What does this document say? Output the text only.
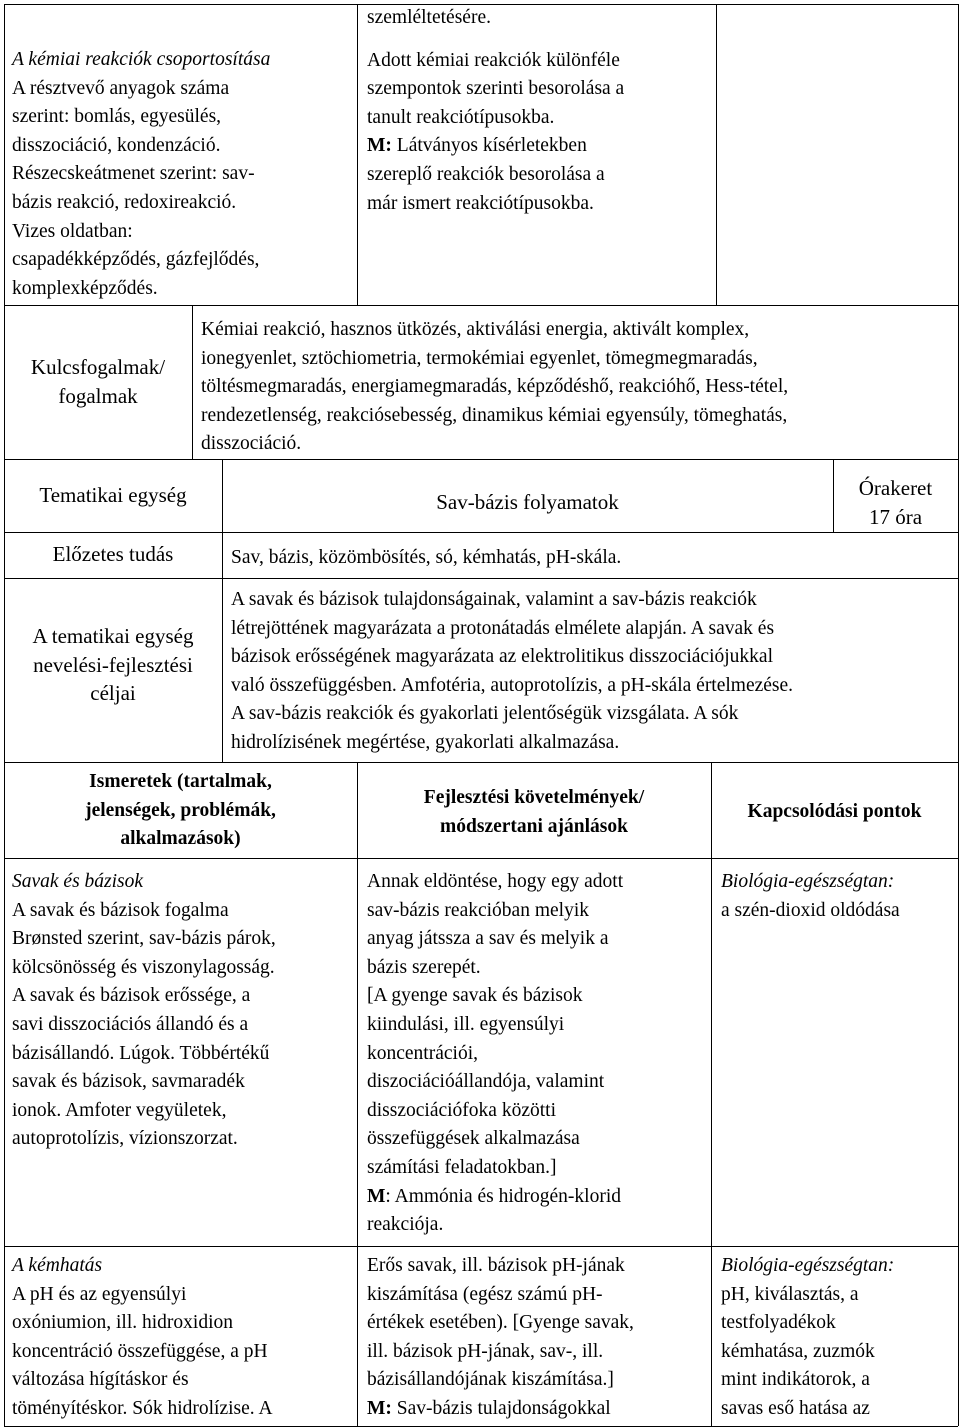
A kémiai reakciók csoportosítása

A résztvevő anyagok száma

szerint: bomlás, egyesülés,

disszociáció, kondenzáció.

Részecskeátmenet szerint: sav-

bázis reakció, redoxireakció.

Vizes oldatban:

csapadékképződés, gázfejlődés,

komplexképződés.

szemléltetésére.

Adott kémiai reakciók különféle

szempontok szerinti besorolása a

tanult reakciótípusokba.

M: Látványos kísérletekben

szereplő reakciók besorolása a

már ismert reakciótípusokba.

Kulcsfogalmak/

fogalmak

Kémiai reakció, hasznos ütközés, aktiválási energia, aktivált komplex,

ionegyenlet, sztöchiometria, termokémiai egyenlet, tömegmegmaradás,

töltésmegmaradás, energiamegmaradás, képződéshő, reakcióhő, Hess-tétel,

rendezetlenség, reakciósebesség, dinamikus kémiai egyensúly, tömeghatás,

disszociáció.

Tematikai egység	Sav-bázis folyamatok

Órakeret

17 óra

Előzetes tudás	Sav, bázis, közömbösítés, só, kémhatás, pH-skála.

A tematikai egység

nevelési-fejlesztési

céljai

A savak és bázisok tulajdonságainak, valamint a sav-bázis reakciók

létrejöttének magyarázata a protonátadás elmélete alapján. A savak és

bázisok erősségének magyarázata az elektrolitikus disszociációjukkal

való összefüggésben. Amfotéria, autoprotolízis, a pH-skála értelmezése.

A sav-bázis reakciók és gyakorlati jelentőségük vizsgálata. A sók

hidrolízisének megértése, gyakorlati alkalmazása.

Ismeretek (tartalmak,

jelenségek, problémák,

alkalmazások)

Fejlesztési követelmények/

módszertani ajánlások

Kapcsolódási pontok

Savak és bázisok

A savak és bázisok fogalma

Brønsted szerint, sav-bázis párok,

kölcsönösség és viszonylagosság.

A savak és bázisok erőssége, a

savi disszociációs állandó és a

bázisállandó. Lúgok. Többértékű

savak és bázisok, savmaradék

ionok. Amfoter vegyületek,

autoprotolízis, vízionszorzat.

Annak eldöntése, hogy egy adott

sav-bázis reakcióban melyik

anyag játssza a sav és melyik a

bázis szerepét.

[A gyenge savak és bázisok

kiindulási, ill. egyensúlyi

koncentrációi,

diszociációállandója, valamint

disszociációfoka közötti

összefüggések alkalmazása

számítási feladatokban.]

M: Ammónia és hidrogén-klorid

reakciója.

Biológia-egészségtan:

a szén-dioxid oldódása

A kémhatás

A pH és az egyensúlyi

oxóniumion, ill. hidroxidion

koncentráció összefüggése, a pH

változása hígításkor és

töményítéskor. Sók hidrolízise. A

Erős savak, ill. bázisok pH-jának

kiszámítása (egész számú pH-

értékek esetében). [Gyenge savak,

ill. bázisok pH-jának, sav-, ill.

bázisállandójának kiszámítása.]

M: Sav-bázis tulajdonságokkal

Biológia-egészségtan:

pH, kiválasztás, a

testfolyadékok

kémhatása, zuzmók

mint indikátorok, a

savas eső hatása az
